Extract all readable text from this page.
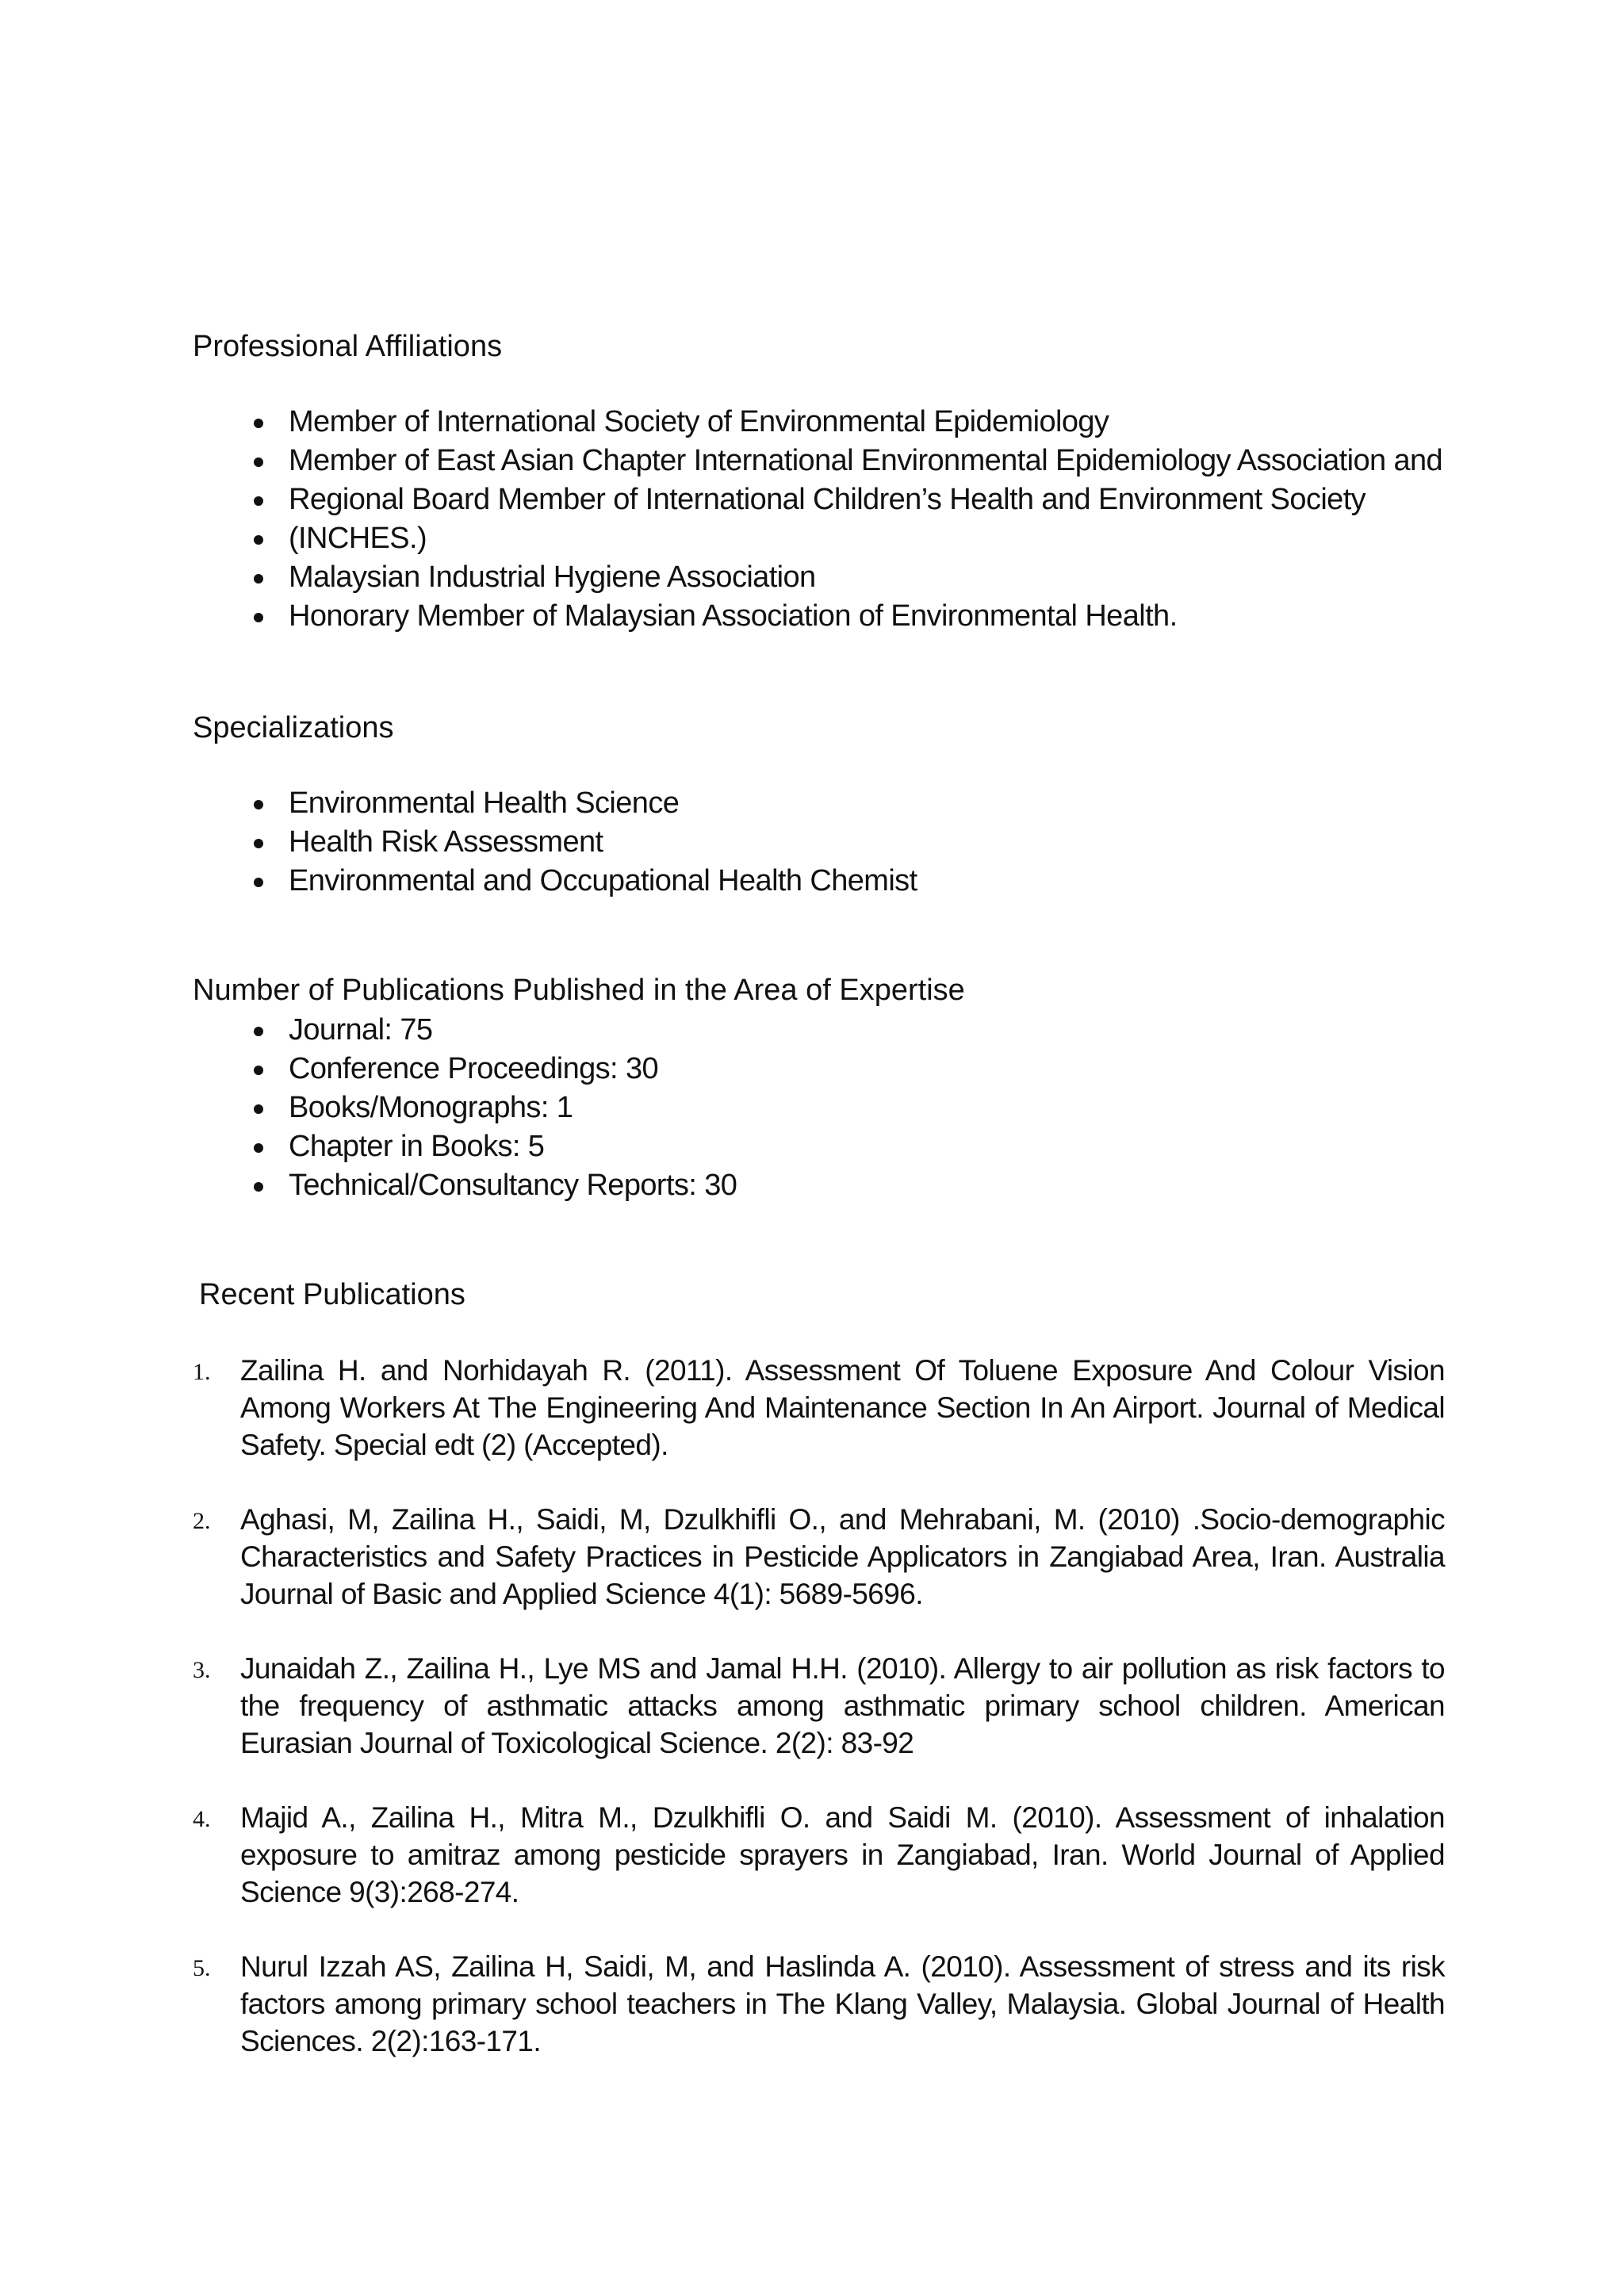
Professional Affiliations
Member of International Society of Environmental Epidemiology
Member of East Asian Chapter International Environmental Epidemiology Association and
Regional Board Member of International Children’s Health and Environment Society
(INCHES.)
Malaysian Industrial Hygiene Association
Honorary Member of Malaysian Association of Environmental Health.
Specializations
Environmental Health Science
Health Risk Assessment
Environmental and Occupational Health Chemist
Number of Publications Published in the Area of Expertise
Journal: 75
Conference Proceedings: 30
Books/Monographs: 1
Chapter in Books: 5
Technical/Consultancy Reports: 30
Recent Publications
1. Zailina H. and Norhidayah R. (2011). Assessment Of Toluene Exposure And Colour Vision Among Workers At The Engineering And Maintenance Section In An Airport. Journal of Medical Safety. Special edt (2) (Accepted).
2. Aghasi, M, Zailina H., Saidi, M, Dzulkhifli O., and Mehrabani, M. (2010) .Socio-demographic Characteristics and Safety Practices in Pesticide Applicators in Zangiabad Area, Iran. Australia Journal of Basic and Applied Science 4(1): 5689-5696.
3. Junaidah Z., Zailina H., Lye MS and Jamal H.H. (2010). Allergy to air pollution as risk factors to the frequency of asthmatic attacks among asthmatic primary school children. American Eurasian Journal of Toxicological Science. 2(2): 83-92
4. Majid A., Zailina H., Mitra M., Dzulkhifli O. and Saidi M. (2010). Assessment of inhalation exposure to amitraz among pesticide sprayers in Zangiabad, Iran. World Journal of Applied Science 9(3):268-274.
5. Nurul Izzah AS, Zailina H, Saidi, M, and Haslinda A. (2010). Assessment of stress and its risk factors among primary school teachers in The Klang Valley, Malaysia. Global Journal of Health Sciences. 2(2):163-171.
